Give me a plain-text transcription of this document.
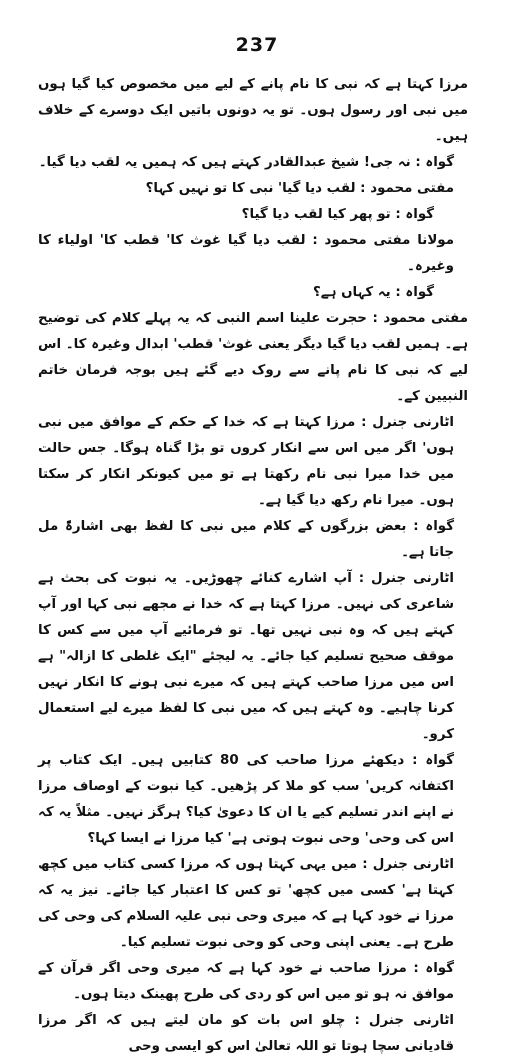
237

مرزا کہتا ہے کہ نبی کا نام پانے کے لیے میں مخصوص کیا گیا ہوں میں نبی اور رسول ہوں۔ تو یہ دونوں باتیں ایک دوسرے کے خلاف ہیں۔

گواہ : نہ جی! شیخ عبدالقادر کہتے ہیں کہ ہمیں یہ لقب دیا گیا۔

مفتی محمود : لقب دیا گیا' نبی کا تو نہیں کہا؟

گواہ : تو پھر کیا لقب دیا گیا؟

مولانا مفتی محمود : لقب دیا گیا غوث کا' قطب کا' اولیاء کا وغیرہ۔

گواہ : یہ کہاں ہے؟

مفتی محمود : حجرت علینا اسم النبی کہ یہ پہلے کلام کی توضیح ہے۔ ہمیں لقب دیا گیا دیگر یعنی غوث' قطب' ابدال وغیرہ کا۔ اس لیے کہ نبی کا نام پانے سے روک دیے گئے ہیں بوجہ فرمان خاتم النبیین کے۔

اٹارنی جنرل : مرزا کہتا ہے کہ خدا کے حکم کے موافق میں نبی ہوں' اگر میں اس سے انکار کروں تو بڑا گناہ ہوگا۔ جس حالت میں خدا میرا نبی نام رکھتا ہے تو میں کیونکر انکار کر سکتا ہوں۔ میرا نام رکھ دیا گیا ہے۔

گواہ : بعض بزرگوں کے کلام میں نبی کا لفظ بھی اشارۃً مل جاتا ہے۔

اٹارنی جنرل : آپ اشارے کنائے چھوڑیں۔ یہ نبوت کی بحث ہے شاعری کی نہیں۔ مرزا کہتا ہے کہ خدا نے مجھے نبی کہا اور آپ کہتے ہیں کہ وہ نبی نہیں تھا۔ تو فرمائیے آپ میں سے کس کا موقف صحیح تسلیم کیا جائے۔ یہ لیجئے "ایک غلطی کا ازالہ" ہے اس میں مرزا صاحب کہتے ہیں کہ میرے نبی ہونے کا انکار نہیں کرنا چاہیے۔ وہ کہتے ہیں کہ میں نبی کا لفظ میرے لیے استعمال کرو۔

گواہ : دیکھئے مرزا صاحب کی 80 کتابیں ہیں۔ ایک کتاب پر اکتفانہ کریں' سب کو ملا کر پڑھیں۔ کیا نبوت کے اوصاف مرزا نے اپنے اندر تسلیم کیے یا ان کا دعویٰ کیا؟ ہرگز نہیں۔ مثلاً یہ کہ اس کی وحی' وحی نبوت ہوتی ہے' کیا مرزا نے ایسا کہا؟

اٹارنی جنرل : میں یہی کہتا ہوں کہ مرزا کسی کتاب میں کچھ کہتا ہے' کسی میں کچھ' تو کس کا اعتبار کیا جائے۔ نیز یہ کہ مرزا نے خود کہا ہے کہ میری وحی نبی علیہ السلام کی وحی کی طرح ہے۔ یعنی اپنی وحی کو وحی نبوت تسلیم کیا۔

گواہ : مرزا صاحب نے خود کہا ہے کہ میری وحی اگر قرآن کے موافق نہ ہو تو میں اس کو ردی کی طرح پھینک دیتا ہوں۔

اٹارنی جنرل : چلو اس بات کو مان لیتے ہیں کہ اگر مرزا قادیانی سچا ہوتا تو اللہ تعالیٰ اس کو ایسی وحی
